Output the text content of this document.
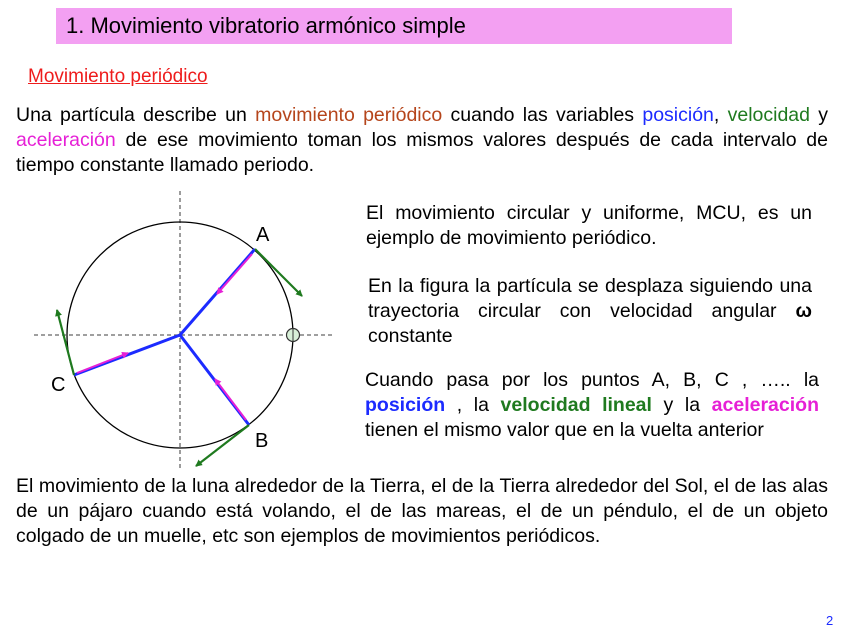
1. Movimiento vibratorio armónico simple
Movimiento periódico
Una partícula describe un movimiento periódico cuando las variables posición, velocidad y aceleración de ese movimiento toman los mismos valores después de cada intervalo de tiempo constante llamado periodo.
A
B
C
El movimiento circular y uniforme, MCU, es un ejemplo de movimiento periódico.
En la figura la partícula se desplaza siguiendo una trayectoria circular con velocidad angular ω constante
Cuando pasa por los puntos A, B, C , ….. la posición , la velocidad lineal y la aceleración tienen el mismo valor que en la vuelta anterior
El movimiento de la luna alrededor de la Tierra, el de la Tierra alrededor del Sol, el de las alas de un pájaro cuando está volando, el de las mareas, el de un péndulo, el de un objeto colgado de un muelle, etc son ejemplos de movimientos periódicos.
2
